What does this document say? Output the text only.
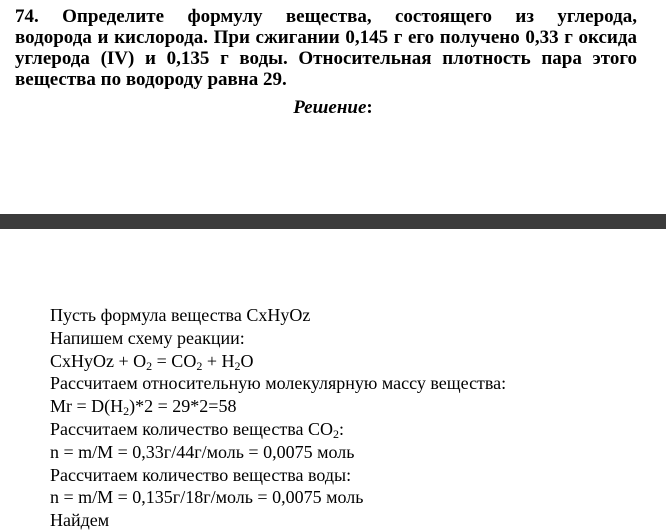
74. Определите формулу вещества, состоящего из углерода,
водорода и кислорода. При сжигании 0,145 г его получено 0,33 г оксида
углерода (IV) и 0,135 г воды. Относительная плотность пара этого
вещества по водороду равна 29.
Решение:
Пусть формула вещества CxHyOz
Напишем схему реакции:
CxHyOz + $O_2 = CO_2 + H_2O$
Рассчитаем относительную молекулярную массу вещества:
$Mr = D(H_2)*2 = 29*2=58$
Рассчитаем количество вещества $CO_2$:
n = m/M = 0,33г/44г/моль = 0,0075 моль
Рассчитаем количество вещества воды:
n = m/M = 0,135г/18г/моль = 0,0075 моль
Найдем
